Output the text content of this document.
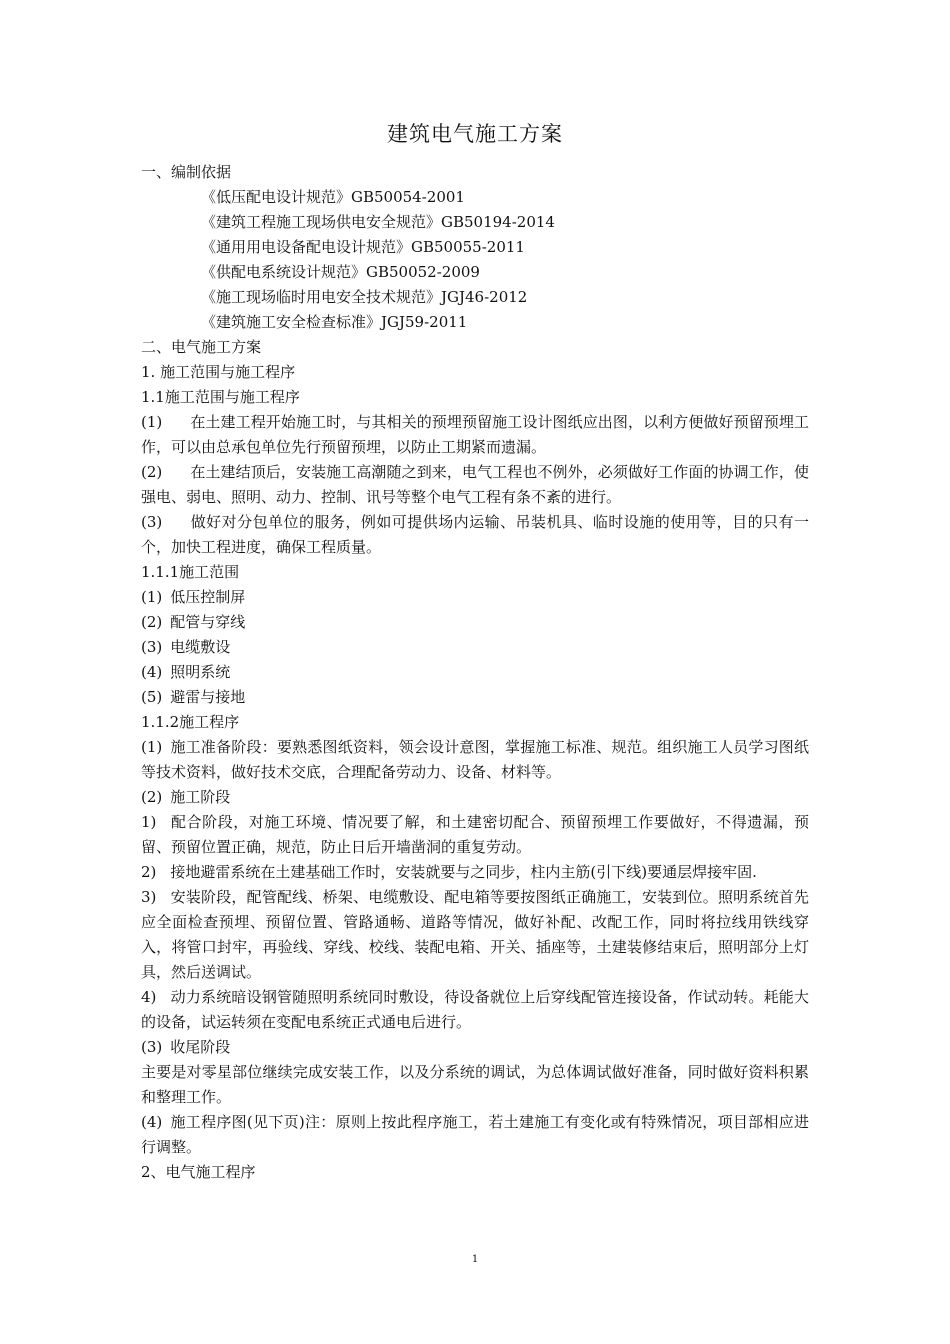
建筑电气施工方案
一、编制依据
《低压配电设计规范》GB50054-2001
《建筑工程施工现场供电安全规范》GB50194-2014
《通用用电设备配电设计规范》GB50055-2011
《供配电系统设计规范》GB50052-2009
《施工现场临时用电安全技术规范》JGJ46-2012
《建筑施工安全检查标准》JGJ59-2011
二、电气施工方案
1. 施工范围与施工程序
1.1施工范围与施工程序
(1) 在土建工程开始施工时，与其相关的预埋预留施工设计图纸应出图，以利方便做好预留预埋工作，可以由总承包单位先行预留预埋，以防止工期紧而遗漏。
(2) 在土建结顶后，安装施工高潮随之到来，电气工程也不例外，必须做好工作面的协调工作，使强电、弱电、照明、动力、控制、讯号等整个电气工程有条不紊的进行。
(3) 做好对分包单位的服务，例如可提供场内运输、吊装机具、临时设施的使用等，目的只有一个，加快工程进度，确保工程质量。
1.1.1施工范围
(1) 低压控制屏
(2) 配管与穿线
(3) 电缆敷设
(4) 照明系统
(5) 避雷与接地
1.1.2施工程序
(1) 施工准备阶段：要熟悉图纸资料，领会设计意图，掌握施工标准、规范。组织施工人员学习图纸等技术资料，做好技术交底，合理配备劳动力、设备、材料等。
(2) 施工阶段
1) 配合阶段，对施工环境、情况要了解，和土建密切配合、预留预埋工作要做好，不得遗漏，预留、预留位置正确，规范，防止日后开墙凿洞的重复劳动。
2) 接地避雷系统在土建基础工作时，安装就要与之同步，柱内主筋(引下线)要通层焊接牢固.
3) 安装阶段，配管配线、桥架、电缆敷设、配电箱等要按图纸正确施工，安装到位。照明系统首先应全面检查预埋、预留位置、管路通畅、道路等情况，做好补配、改配工作，同时将拉线用铁线穿入，将管口封牢，再验线、穿线、校线、装配电箱、开关、插座等，土建装修结束后，照明部分上灯具，然后送调试。
4) 动力系统暗设钢管随照明系统同时敷设，待设备就位上后穿线配管连接设备，作试动转。耗能大的设备，试运转须在变配电系统正式通电后进行。
(3) 收尾阶段
主要是对零星部位继续完成安装工作，以及分系统的调试，为总体调试做好准备，同时做好资料积累和整理工作。
(4) 施工程序图(见下页)注：原则上按此程序施工，若土建施工有变化或有特殊情况，项目部相应进行调整。
2、电气施工程序
1
